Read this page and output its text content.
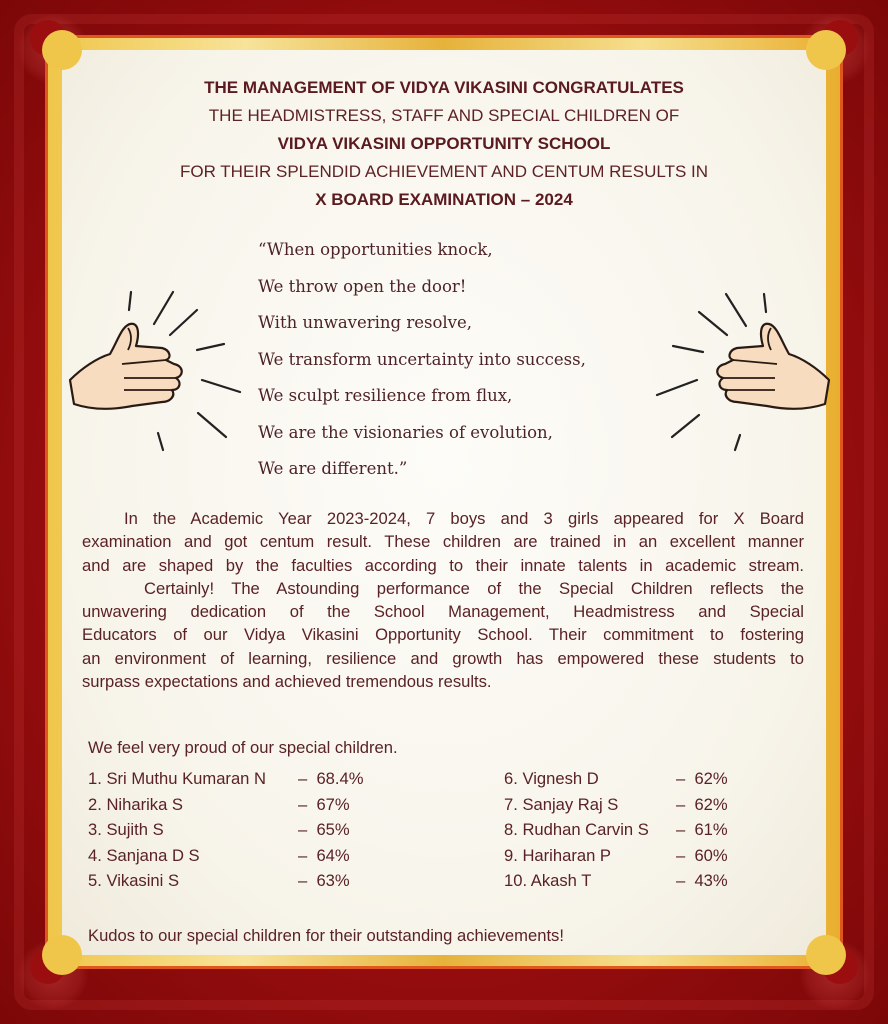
THE MANAGEMENT OF VIDYA VIKASINI CONGRATULATES
THE HEADMISTRESS, STAFF AND SPECIAL CHILDREN OF
VIDYA VIKASINI OPPORTUNITY SCHOOL
FOR THEIR SPLENDID ACHIEVEMENT AND CENTUM RESULTS IN
X BOARD EXAMINATION – 2024
“When opportunities knock,
We throw open the door!
With unwavering resolve,
We transform uncertainty into success,
We sculpt resilience from flux,
We are the visionaries of evolution,
We are different.”
In the Academic Year 2023-2024, 7 boys and 3 girls appeared for X Board
examination and got centum result. These children are trained in an excellent manner
and are shaped by the faculties according to their innate talents in academic stream.
Certainly! The Astounding performance of the Special Children reflects the
unwavering dedication of the School Management, Headmistress and Special
Educators of our Vidya Vikasini Opportunity School. Their commitment to fostering
an environment of learning, resilience and growth has empowered these students to
surpass expectations and achieved tremendous results.
We feel very proud of our special children.
1. Sri Muthu Kumaran N –  68.4%
2. Niharika S	–  67%
3. Sujith S	–  65%
4. Sanjana D S	–  64%
5. Vikasini S	–  63%
6. Vignesh D	–  62%
7. Sanjay Raj S	–  62%
8. Rudhan Carvin S –  61%
9. Hariharan P	–  60%
10. Akash T	–  43%
Kudos to our special children for their outstanding achievements!
